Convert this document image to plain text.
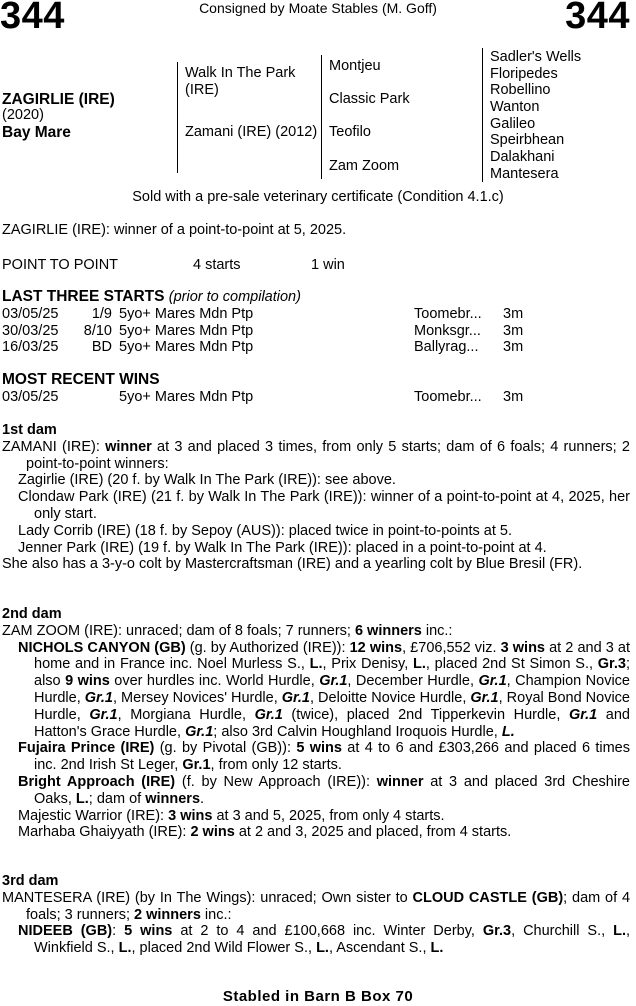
344	Consigned by Moate Stables (M. Goff)	344
ZAGIRLIE (IRE)
(2020)
Bay Mare
Walk In The Park (IRE)
Zamani (IRE) (2012)
Montjeu
Classic Park
Teofilo
Zam Zoom
Sadler's Wells
Floripedes
Robellino
Wanton
Galileo
Speirbhean
Dalakhani
Mantesera
Sold with a pre-sale veterinary certificate (Condition 4.1.c)
ZAGIRLIE (IRE): winner of a point-to-point at 5, 2025.
POINT TO POINT	4 starts	1 win
LAST THREE STARTS (prior to compilation)
03/05/25	1/9 5yo+ Mares Mdn Ptp	Toomebr... 3m
30/03/25	8/10 5yo+ Mares Mdn Ptp	Monksgr... 3m
16/03/25	BD 5yo+ Mares Mdn Ptp	Ballyrag... 3m
MOST RECENT WINS
03/05/25	5yo+ Mares Mdn Ptp	Toomebr... 3m
1st dam
ZAMANI (IRE): winner at 3 and placed 3 times, from only 5 starts; dam of 6 foals; 4 runners; 2 point-to-point winners:
Zagirlie (IRE) (20 f. by Walk In The Park (IRE)): see above.
Clondaw Park (IRE) (21 f. by Walk In The Park (IRE)): winner of a point-to-point at 4, 2025, her only start.
Lady Corrib (IRE) (18 f. by Sepoy (AUS)): placed twice in point-to-points at 5.
Jenner Park (IRE) (19 f. by Walk In The Park (IRE)): placed in a point-to-point at 4.
She also has a 3-y-o colt by Mastercraftsman (IRE) and a yearling colt by Blue Bresil (FR).
2nd dam
ZAM ZOOM (IRE): unraced; dam of 8 foals; 7 runners; 6 winners inc.:
NICHOLS CANYON (GB) (g. by Authorized (IRE)): 12 wins, £706,552 viz. 3 wins at 2 and 3 at home and in France inc. Noel Murless S., L., Prix Denisy, L., placed 2nd St Simon S., Gr.3; also 9 wins over hurdles inc. World Hurdle, Gr.1, December Hurdle, Gr.1, Champion Novice Hurdle, Gr.1, Mersey Novices' Hurdle, Gr.1, Deloitte Novice Hurdle, Gr.1, Royal Bond Novice Hurdle, Gr.1, Morgiana Hurdle, Gr.1 (twice), placed 2nd Tipperkevin Hurdle, Gr.1 and Hatton's Grace Hurdle, Gr.1; also 3rd Calvin Houghland Iroquois Hurdle, L.
Fujaira Prince (IRE) (g. by Pivotal (GB)): 5 wins at 4 to 6 and £303,266 and placed 6 times inc. 2nd Irish St Leger, Gr.1, from only 12 starts.
Bright Approach (IRE) (f. by New Approach (IRE)): winner at 3 and placed 3rd Cheshire Oaks, L.; dam of winners.
Majestic Warrior (IRE): 3 wins at 3 and 5, 2025, from only 4 starts.
Marhaba Ghaiyyath (IRE): 2 wins at 2 and 3, 2025 and placed, from 4 starts.
3rd dam
MANTESERA (IRE) (by In The Wings): unraced; Own sister to CLOUD CASTLE (GB); dam of 4 foals; 3 runners; 2 winners inc.:
NIDEEB (GB): 5 wins at 2 to 4 and £100,668 inc. Winter Derby, Gr.3, Churchill S., L., Winkfield S., L., placed 2nd Wild Flower S., L., Ascendant S., L.
Stabled in Barn B Box 70
